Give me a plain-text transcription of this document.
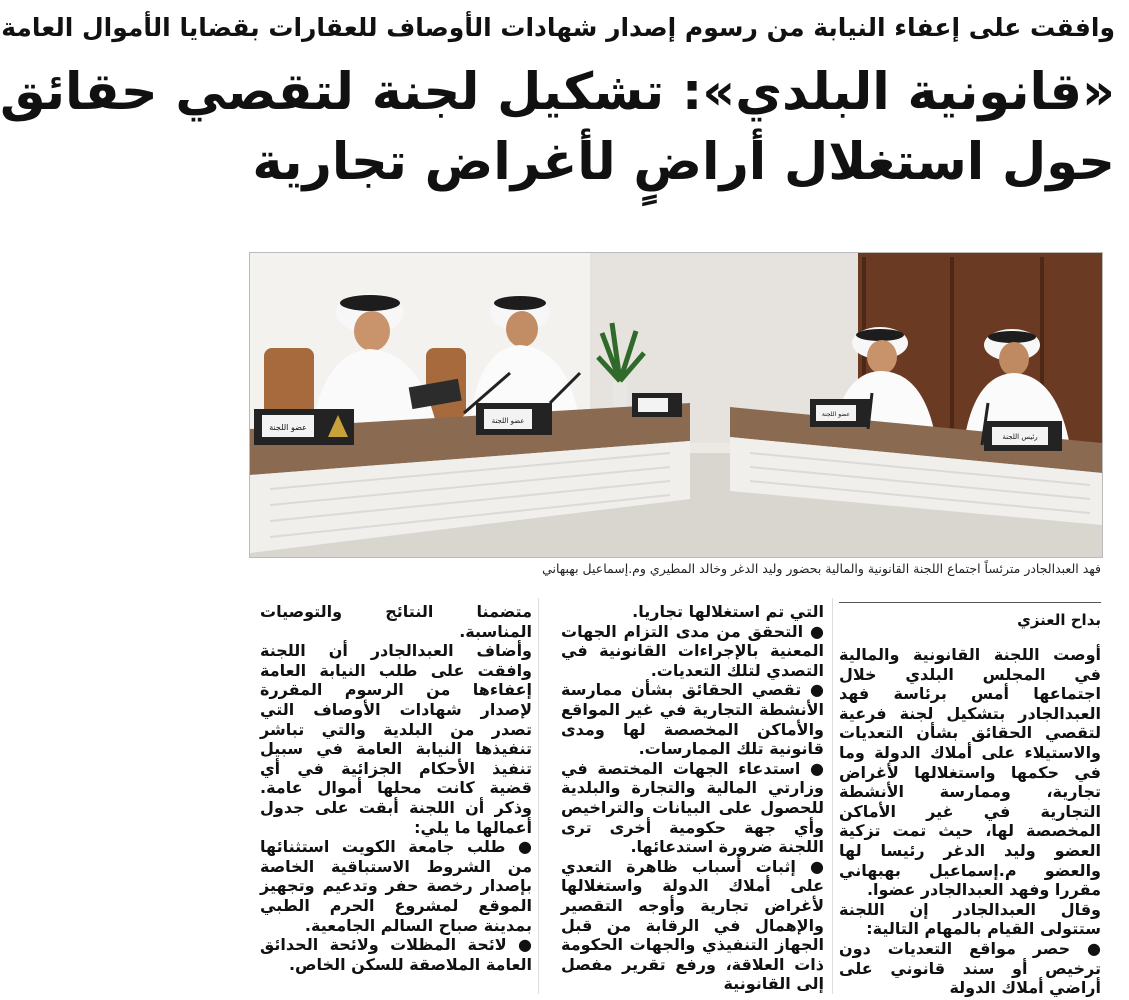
وافقت على إعفاء النيابة من رسوم إصدار شهادات الأوصاف للعقارات بقضايا الأموال العامة
«قانونية البلدي»: تشكيل لجنة لتقصي حقائق
حول استغلال أراضٍ لأغراض تجارية
عضو اللجنة
عضو اللجنة
عضو اللجنة
رئيس اللجنة
فهد العبدالجادر مترئساً اجتماع اللجنة القانونية والمالية بحضور وليد الدغر وخالد المطيري وم.إسماعيل بهبهاني
بداح العنزي

أوصت اللجنة القانونية والمالية في المجلس البلدي خلال اجتماعها أمس برئاسة فهد العبدالجادر بتشكيل لجنة فرعية لتقصي الحقائق بشأن التعديات والاستيلاء على أملاك الدولة وما في حكمها واستغلالها لأغراض تجارية، وممارسة الأنشطة التجارية في غير الأماكن المخصصة لها، حيث تمت تزكية العضو وليد الدغر رئيسا لها والعضو م.إسماعيل بهبهاني مقررا وفهد العبدالجادر عضوا.

وقال العبدالجادر إن اللجنة ستتولى القيام بالمهام التالية:

● حصر مواقع التعديات دون ترخيص أو سند قانوني على أراضي أملاك الدولة

التي تم استغلالها تجاريا.

● التحقق من مدى التزام الجهات المعنية بالإجراءات القانونية في التصدي لتلك التعديات.

● تقصي الحقائق بشأن ممارسة الأنشطة التجارية في غير المواقع والأماكن المخصصة لها ومدى قانونية تلك الممارسات.

● استدعاء الجهات المختصة في وزارتي المالية والتجارة والبلدية للحصول على البيانات والتراخيص وأي جهة حكومية أخرى ترى اللجنة ضرورة استدعائها.

● إثبات أسباب ظاهرة التعدي على أملاك الدولة واستغلالها لأغراض تجارية وأوجه التقصير والإهمال في الرقابة من قبل الجهاز التنفيذي والجهات الحكومة ذات العلاقة، ورفع تقرير مفصل إلى القانونية

متضمنا النتائج والتوصيات المناسبة.

وأضاف العبدالجادر أن اللجنة وافقت على طلب النيابة العامة إعفاءها من الرسوم المقررة لإصدار شهادات الأوصاف التي تصدر من البلدية والتي تباشر تنفيذها النيابة العامة في سبيل تنفيذ الأحكام الجزائية في أي قضية كانت محلها أموال عامة. وذكر أن اللجنة أبقت على جدول أعمالها ما يلي:

● طلب جامعة الكويت استثنائها من الشروط الاستباقية الخاصة بإصدار رخصة حفر وتدعيم وتجهيز الموقع لمشروع الحرم الطبي بمدينة صباح السالم الجامعية.

● لائحة المظلات ولائحة الحدائق العامة الملاصقة للسكن الخاص.
